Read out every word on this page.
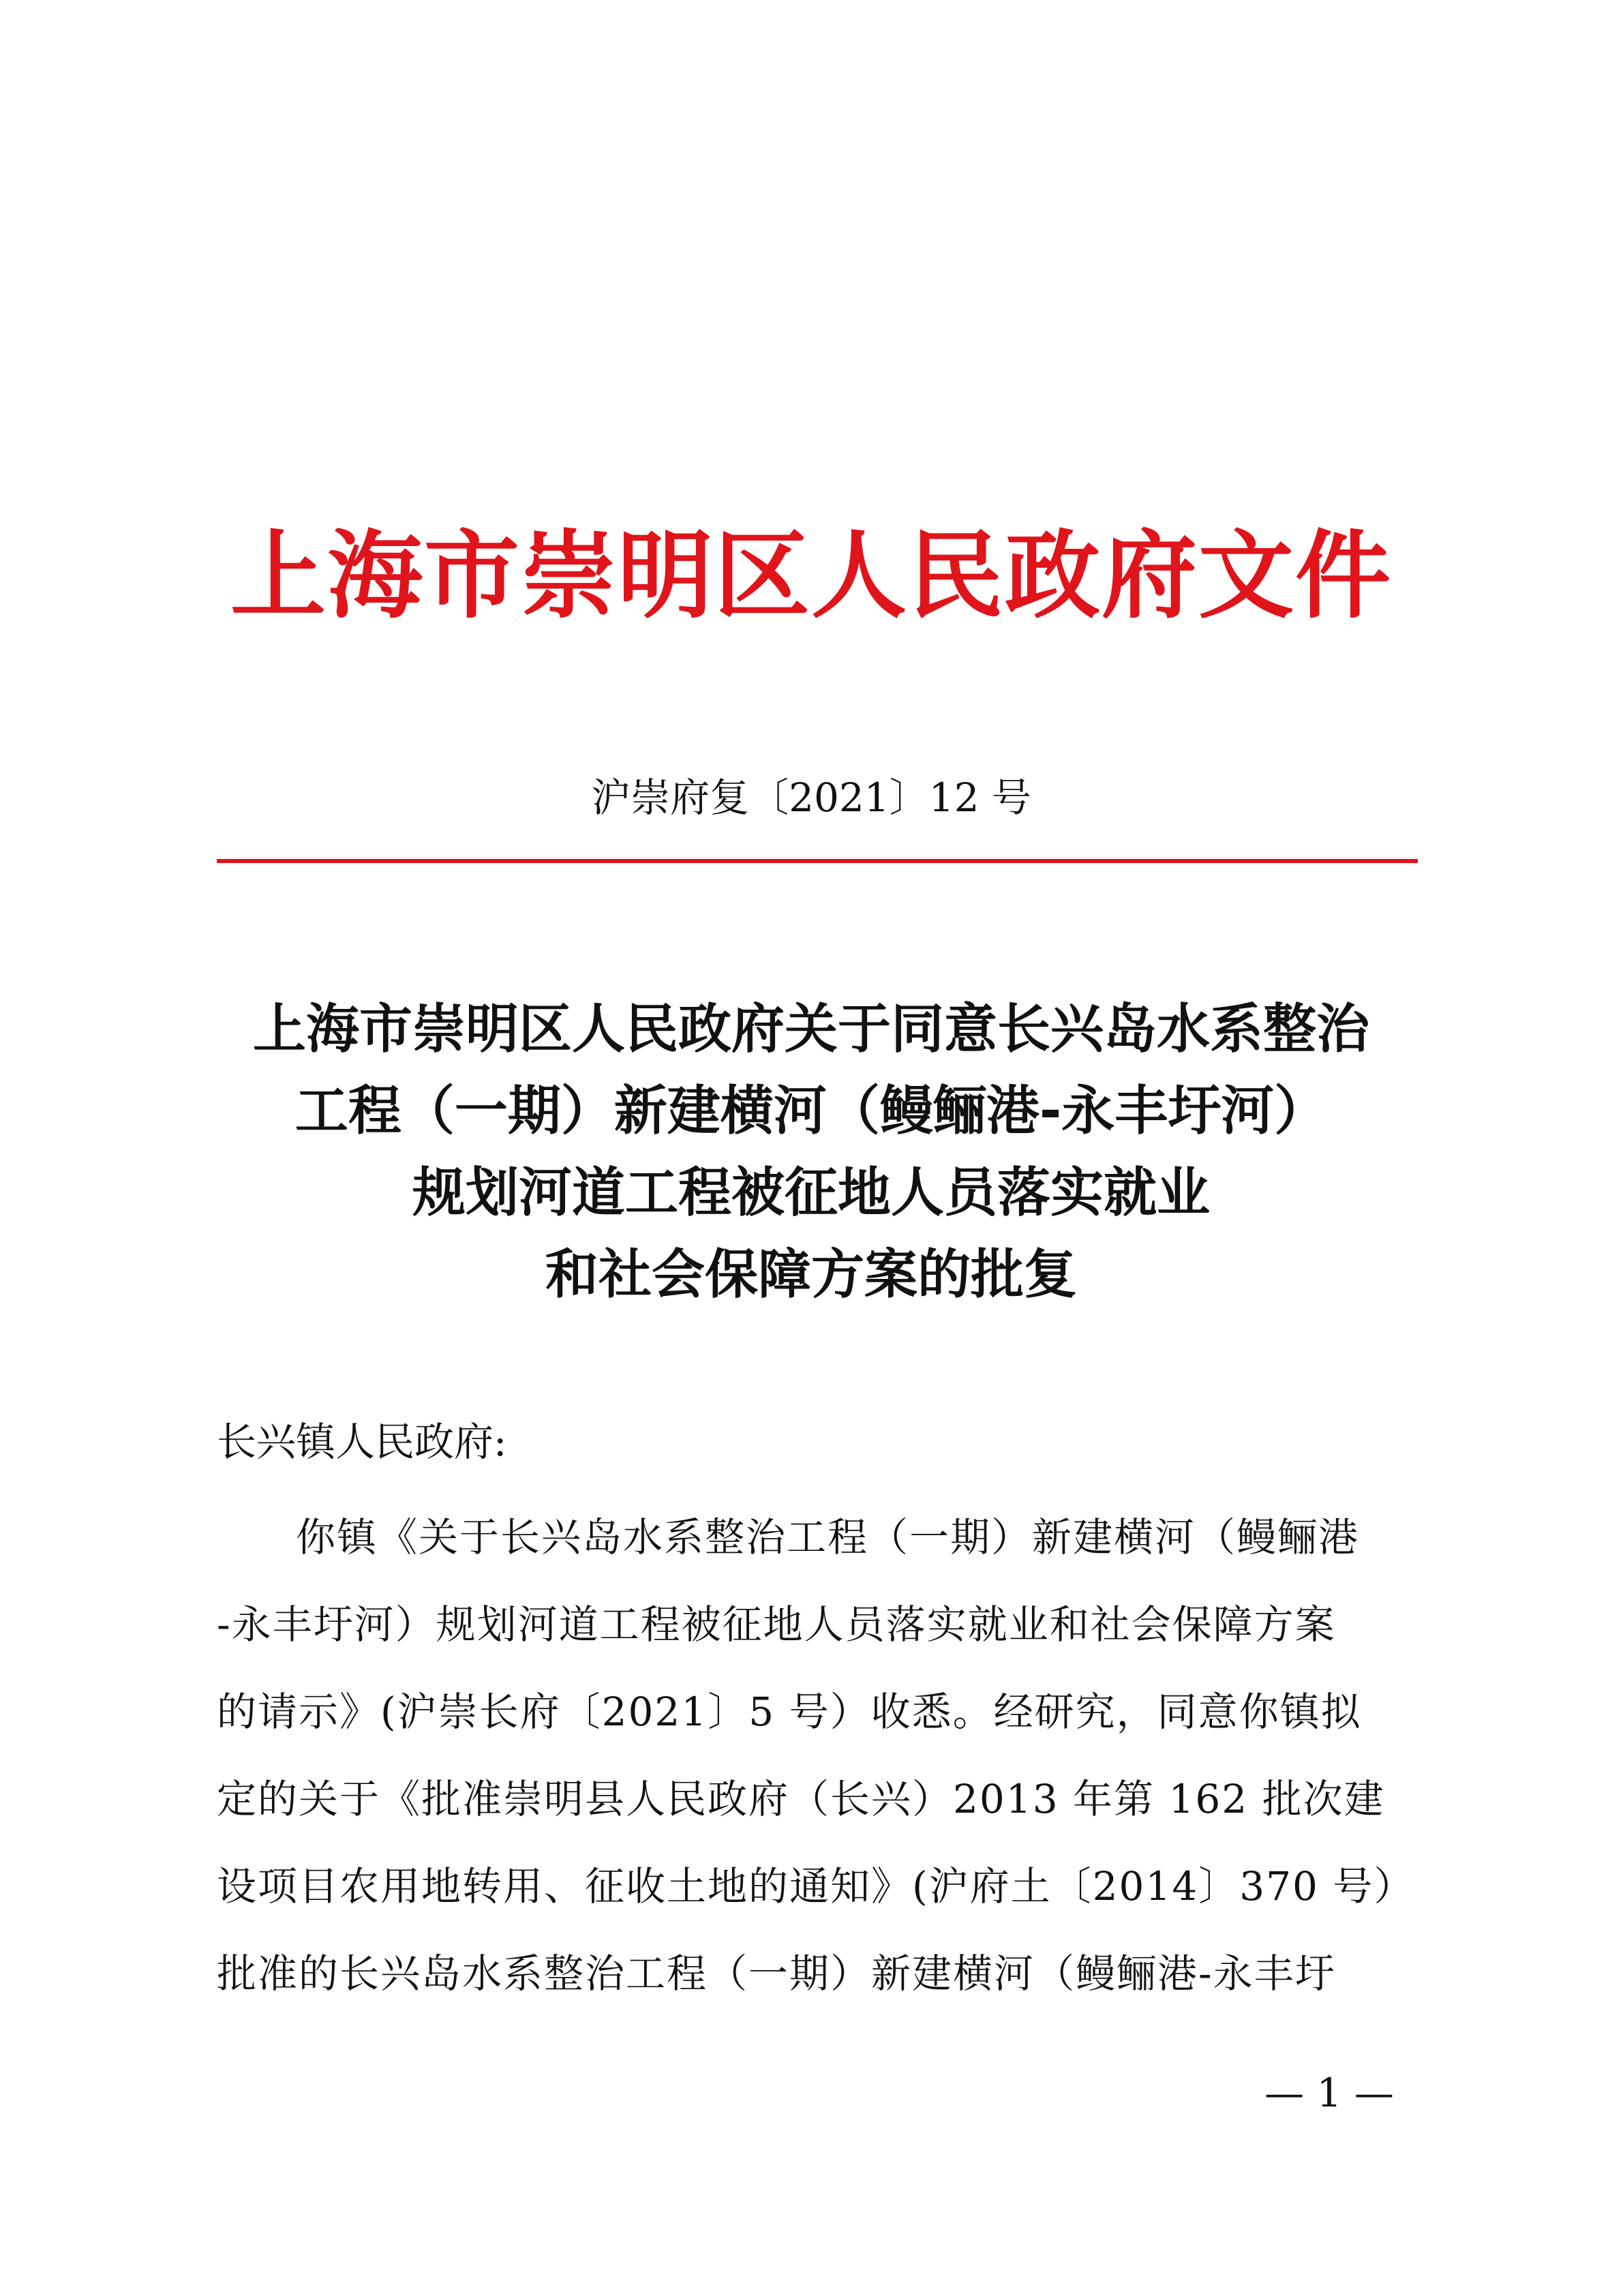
上海市崇明区人民政府文件
沪崇府复〔2021〕12 号
上海市崇明区人民政府关于同意长兴岛水系整治
工程（一期）新建横河（鳗鲡港-永丰圩河）
规划河道工程被征地人员落实就业
和社会保障方案的批复
长兴镇人民政府:
你镇《关于长兴岛水系整治工程（一期）新建横河（鳗鲡港
-永丰圩河）规划河道工程被征地人员落实就业和社会保障方案
的请示》(沪崇长府〔2021〕5 号）收悉。经研究，同意你镇拟
定的关于《批准崇明县人民政府（长兴）2013 年第 162 批次建
设项目农用地转用、征收土地的通知》(沪府土〔2014〕370 号）
批准的长兴岛水系整治工程（一期）新建横河（鳗鲡港-永丰圩
— 1 —
